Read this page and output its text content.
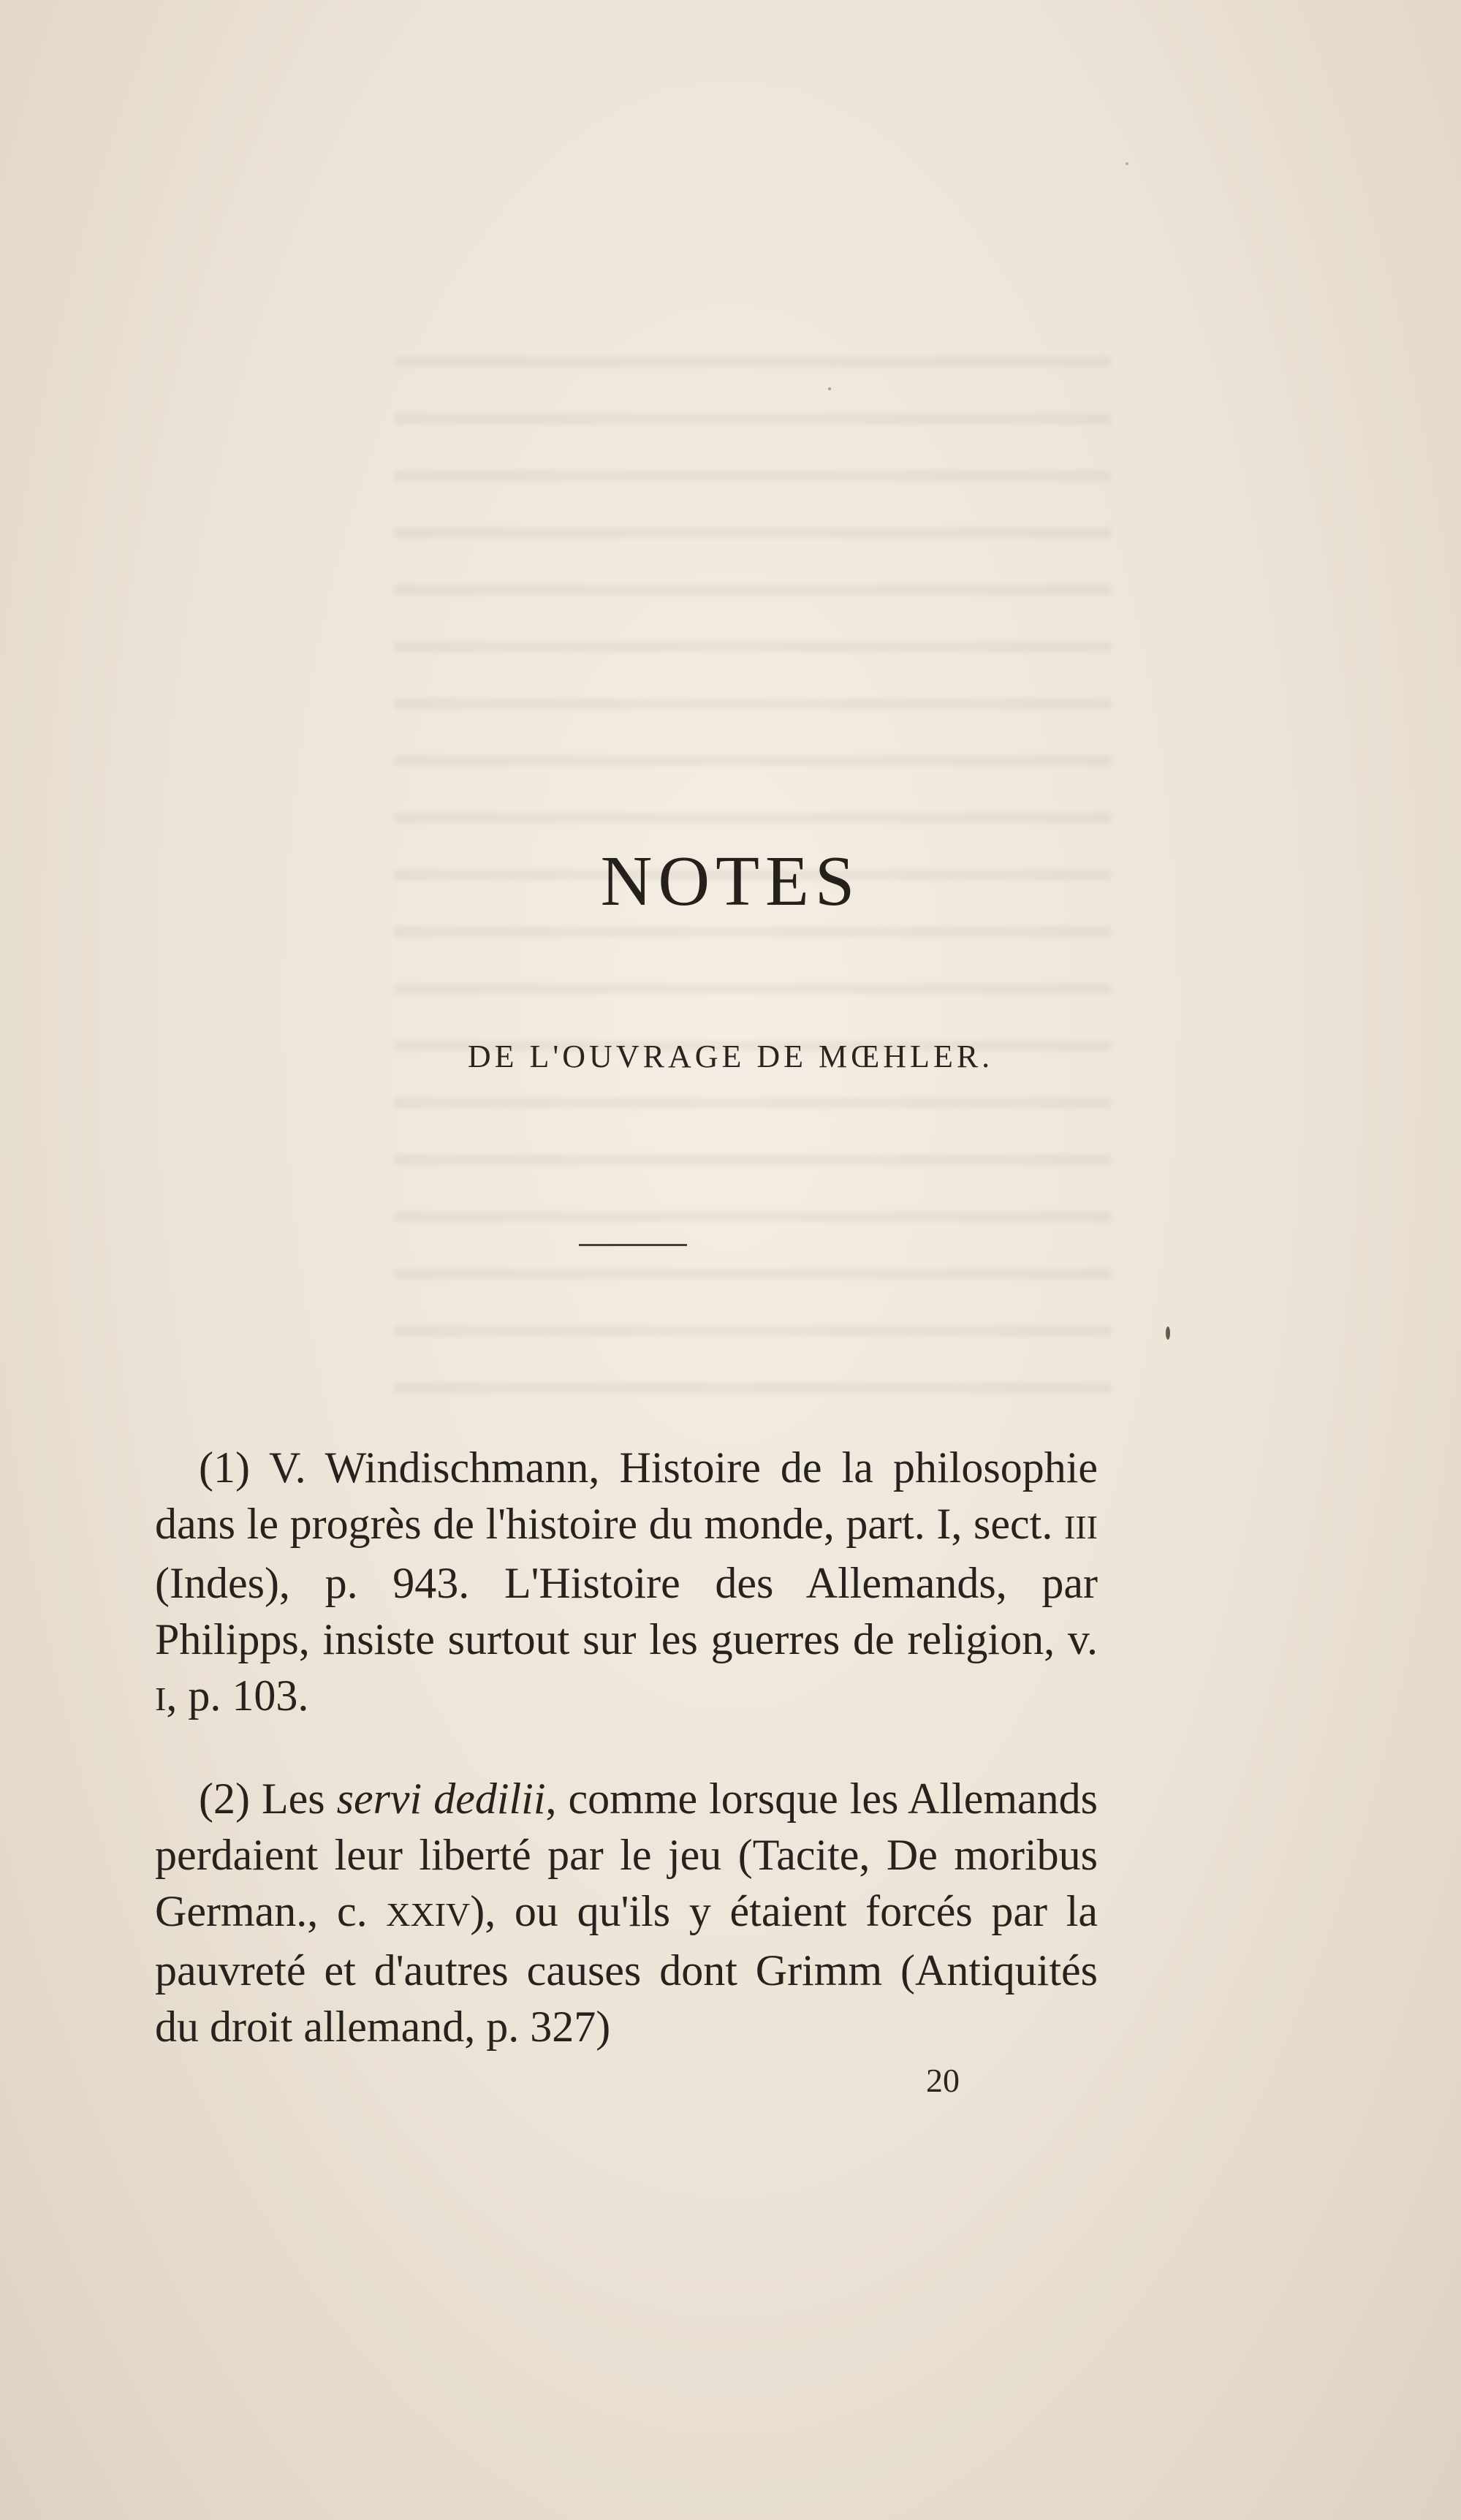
NOTES
DE L'OUVRAGE DE MŒHLER.

(1) V. Windischmann, Histoire de la philosophie dans le progrès de l'histoire du monde, part. I, sect. III (Indes), p. 943. L'Histoire des Allemands, par Philipps, insiste surtout sur les guerres de religion, v. I, p. 103.

(2) Les servi dedilii, comme lorsque les Allemands perdaient leur liberté par le jeu (Tacite, De moribus German., c. XXIV), ou qu'ils y étaient forcés par la pauvreté et d'autres causes dont Grimm (Antiquités du droit allemand, p. 327)

20
